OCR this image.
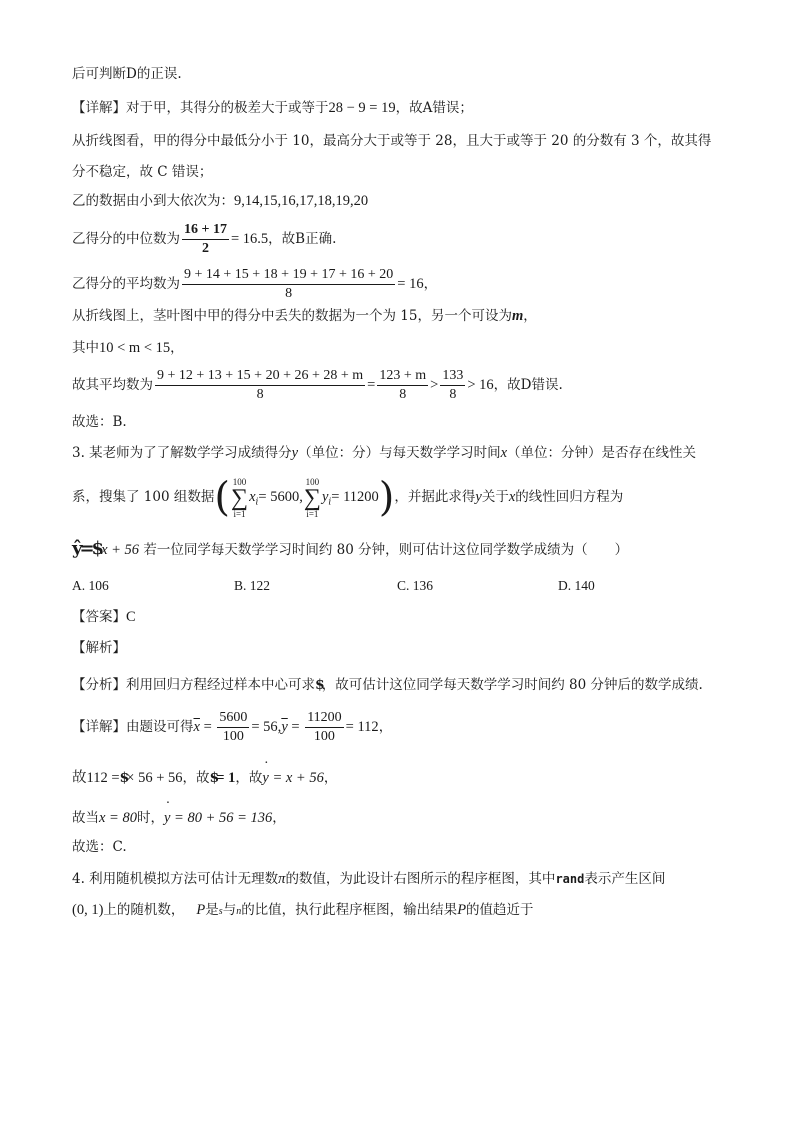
后可判断D的正误.
【详解】对于甲，其得分的极差大于或等于28 − 9 = 19，故A错误；
从折线图看，甲的得分中最低分小于 10，最高分大于或等于 28，且大于或等于 20 的分数有 3 个，故其得
分不稳定，故 C 错误；
乙的数据由小到大依次为：9,14,15,16,17,18,19,20
乙得分的中位数为 $\frac{16 + 17}{2} = 16.5$，故B正确.
乙得分的平均数为 $\frac{9 + 14 + 15 + 18 + 19 + 17 + 16 + 20}{8} = 16$，
从折线图上，茎叶图中甲的得分中丢失的数据为一个为 15，另一个可设为m，
其中10 < m < 15，
故其平均数为 $\frac{9 + 12 + 13 + 15 + 20 + 26 + 28 + m}{8} = \frac{123 + m}{8} > \frac{133}{8} > 16$，故D错误.
故选：B.
3. 某老师为了了解数学学习成绩得分y（单位：分）与每天数学学习时间x（单位：分钟）是否存在线性关
系，搜集了 100 组数据( 100
∑
i=1
$x_i= 5600$,
100
∑
i=1
$y_i= 11200$)，并据此求得y关于x的线性回归方程为
ŷ=$x + 56 若一位同学每天数学学习时间约 80 分钟，则可估计这位同学数学成绩为（　　）
A. 106	B. 122	C. 136	D. 140
【答案】C
【解析】
【分析】利用回归方程经过样本中心可求$，故可估计这位同学每天数学学习时间约 80 分钟后的数学成绩.
【详解】由题设可得$\overline{x} = \frac{5600}{100} = 56,\overline{y} = \frac{11200}{100} = 112$，
故112 =$× 56 + 56，故$= 1，故· y = x + 56，
故当x = 80时，· y = 80 + 56 = 136，
故选：C.
4. 利用随机模拟方法可估计无理数π的数值，为此设计右图所示的程序框图，其中rand表示产生区间
(0, 1)上的随机数， P是s与n的比值，执行此程序框图，输出结果P的值趋近于
